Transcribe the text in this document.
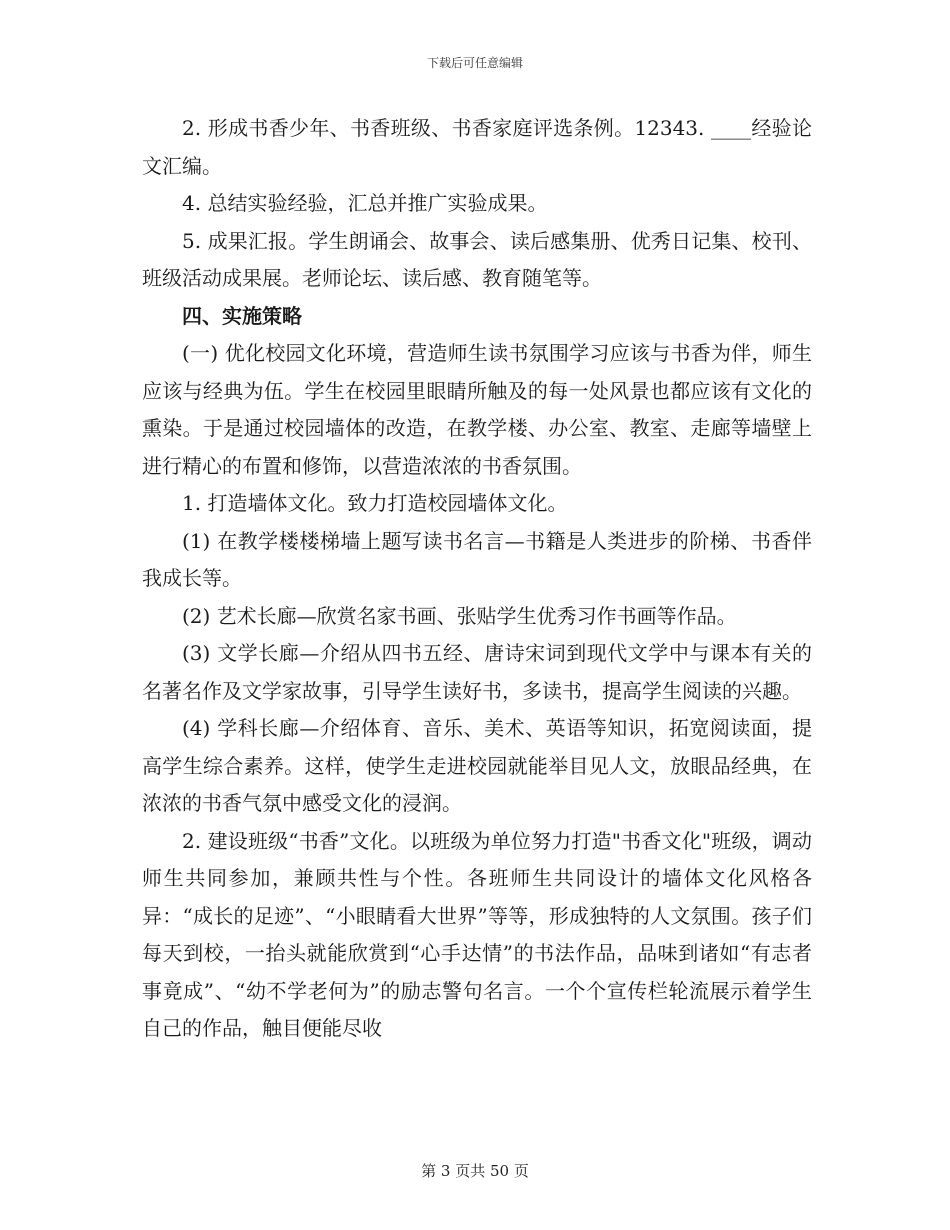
下载后可任意编辑

2. 形成书香少年、书香班级、书香家庭评选条例。12343. ____经验论文汇编。

4. 总结实验经验，汇总并推广实验成果。

5. 成果汇报。学生朗诵会、故事会、读后感集册、优秀日记集、校刊、班级活动成果展。老师论坛、读后感、教育随笔等。

四、实施策略

(一) 优化校园文化环境，营造师生读书氛围学习应该与书香为伴，师生应该与经典为伍。学生在校园里眼睛所触及的每一处风景也都应该有文化的熏染。于是通过校园墙体的改造，在教学楼、办公室、教室、走廊等墙壁上进行精心的布置和修饰，以营造浓浓的书香氛围。

1. 打造墙体文化。致力打造校园墙体文化。

(1) 在教学楼楼梯墙上题写读书名言—书籍是人类进步的阶梯、书香伴我成长等。

(2) 艺术长廊—欣赏名家书画、张贴学生优秀习作书画等作品。

(3) 文学长廊—介绍从四书五经、唐诗宋词到现代文学中与课本有关的名著名作及文学家故事，引导学生读好书，多读书，提高学生阅读的兴趣。

(4) 学科长廊—介绍体育、音乐、美术、英语等知识，拓宽阅读面，提高学生综合素养。这样，使学生走进校园就能举目见人文，放眼品经典，在浓浓的书香气氛中感受文化的浸润。

2. 建设班级“书香”文化。以班级为单位努力打造"书香文化"班级，调动师生共同参加，兼顾共性与个性。各班师生共同设计的墙体文化风格各异：“成长的足迹”、“小眼睛看大世界”等等，形成独特的人文氛围。孩子们每天到校，一抬头就能欣赏到“心手达情”的书法作品，品味到诸如“有志者事竟成”、“幼不学老何为”的励志警句名言。一个个宣传栏轮流展示着学生自己的作品，触目便能尽收

第 3 页共 50 页
